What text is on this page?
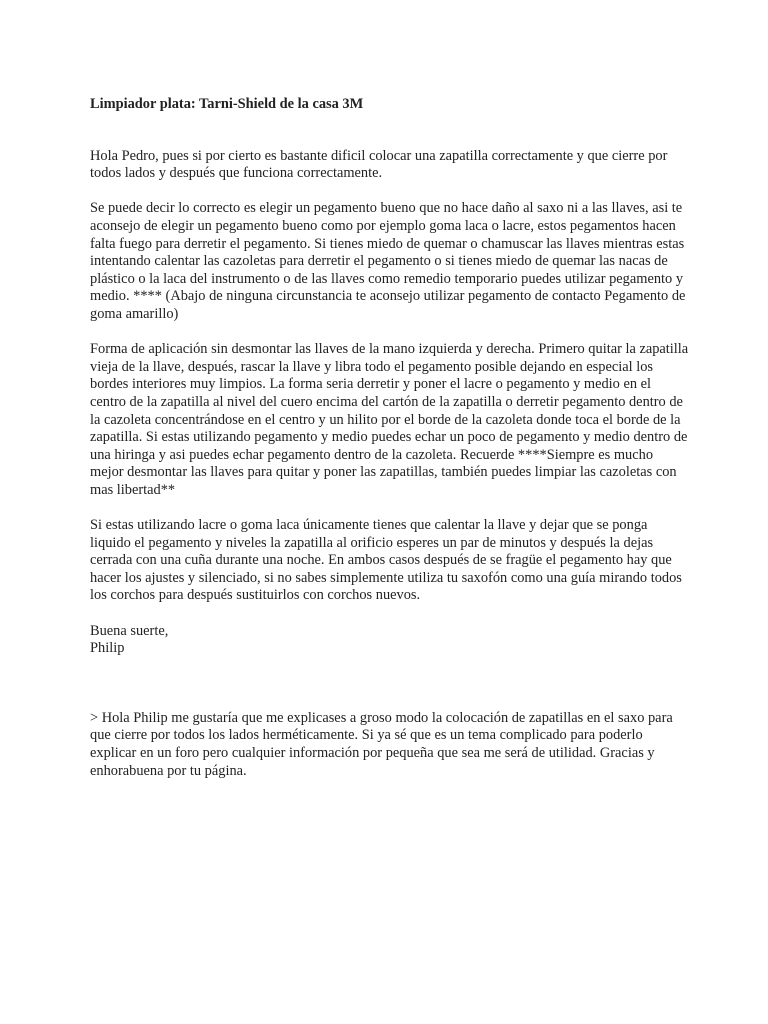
Limpiador plata: Tarni-Shield de la casa 3M

Hola Pedro, pues si por cierto es bastante dificil colocar una zapatilla correctamente y que cierre por todos lados y después que funciona correctamente.

Se puede decir lo correcto es elegir un pegamento bueno que no hace daño al saxo ni a las llaves, asi te aconsejo de elegir un pegamento bueno como por ejemplo goma laca o lacre, estos pegamentos hacen falta fuego para derretir el pegamento. Si tienes miedo de quemar o chamuscar las llaves mientras estas intentando calentar las cazoletas para derretir el pegamento o si tienes miedo de quemar las nacas de plástico o la laca del instrumento o de las llaves como remedio temporario puedes utilizar pegamento y medio. **** (Abajo de ninguna circunstancia te aconsejo utilizar pegamento de contacto Pegamento de goma amarillo)

Forma de aplicación sin desmontar las llaves de la mano izquierda y derecha. Primero quitar la zapatilla vieja de la llave, después, rascar la llave y libra todo el pegamento posible dejando en especial los bordes interiores muy limpios. La forma seria derretir y poner el lacre o pegamento y medio en el centro de la zapatilla al nivel del cuero encima del cartón de la zapatilla o derretir pegamento dentro de la cazoleta concentrándose en el centro y un hilito por el borde de la cazoleta donde toca el borde de la zapatilla. Si estas utilizando pegamento y medio puedes echar un poco de pegamento y medio dentro de una hiringa y asi puedes echar pegamento dentro de la cazoleta. Recuerde ****Siempre es mucho mejor desmontar las llaves para quitar y poner las zapatillas, también puedes limpiar las cazoletas con mas libertad**

Si estas utilizando lacre o goma laca únicamente tienes que calentar la llave y dejar que se ponga liquido el pegamento y niveles la zapatilla al orificio esperes un par de minutos y después la dejas cerrada con una cuña durante una noche. En ambos casos después de se fragüe el pegamento hay que hacer los ajustes y silenciado, si no sabes simplemente utiliza tu saxofón como una guía mirando todos los corchos para después sustituirlos con corchos nuevos.

Buena suerte,
Philip

> Hola Philip me gustaría que me explicases a groso modo la colocación de zapatillas en el saxo para que cierre por todos los lados herméticamente. Si ya sé que es un tema complicado para poderlo explicar en un foro pero cualquier información por pequeña que sea me será de utilidad. Gracias y enhorabuena por tu página.
